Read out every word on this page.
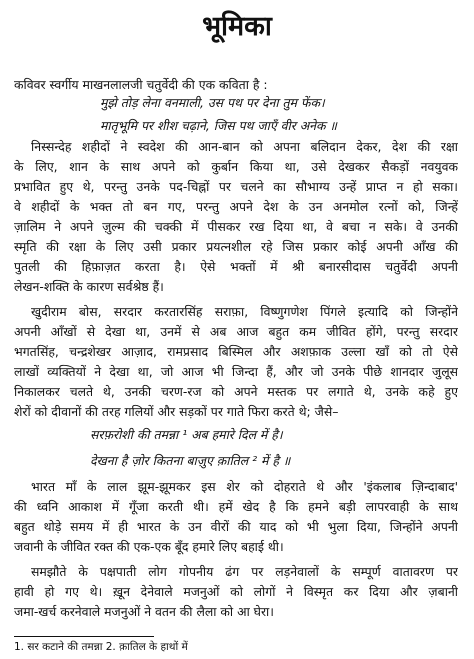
भूमिका
कविवर स्वर्गीय माखनलालजी चतुर्वेदी की एक कविता है :
मुझे तोड़ लेना वनमाली, उस पथ पर देना तुम फेंक।
मातृभूमि पर शीश चढ़ाने, जिस पथ जाएँ वीर अनेक ॥
निस्सन्देह शहीदों ने स्वदेश की आन-बान को अपना बलिदान देकर, देश की रक्षा
के लिए, शान के साथ अपने को कुर्बान किया था, उसे देखकर सैकड़ों नवयुवक
प्रभावित हुए थे, परन्तु उनके पद-चिह्नों पर चलने का सौभाग्य उन्हें प्राप्त न हो सका।
वे शहीदों के भक्त तो बन गए, परन्तु अपने देश के उन अनमोल रत्नों को, जिन्हें
ज़ालिम ने अपने ज़ुल्म की चक्की में पीसकर रख दिया था, वे बचा न सके। वे उनकी
स्मृति की रक्षा के लिए उसी प्रकार प्रयत्नशील रहे जिस प्रकार कोई अपनी आँख की
पुतली की हिफ़ाज़त करता है। ऐसे भक्तों में श्री बनारसीदास चतुर्वेदी अपनी
लेखन-शक्ति के कारण सर्वश्रेष्ठ हैं।
खुदीराम बोस, सरदार करतारसिंह सराफ़ा, विष्णुगणेश पिंगले इत्यादि को जिन्होंने
अपनी आँखों से देखा था, उनमें से अब आज बहुत कम जीवित होंगे, परन्तु सरदार
भगतसिंह, चन्द्रशेखर आज़ाद, रामप्रसाद बिस्मिल और अशफ़ाक उल्ला खाँ को तो ऐसे
लाखों व्यक्तियों ने देखा था, जो आज भी जिन्दा हैं, और जो उनके पीछे शानदार जुलूस
निकालकर चलते थे, उनकी चरण-रज को अपने मस्तक पर लगाते थे, उनके कहे हुए
शेरों को दीवानों की तरह गलियों और सड़कों पर गाते फिरा करते थे; जैसे–
सरफ़रोशी की तमन्ना ¹ अब हमारे दिल में है।
देखना है ज़ोर कितना बाज़ुए क़ातिल ² में है ॥
भारत माँ के लाल झूम-झूमकर इस शेर को दोहराते थे और 'इंकलाब ज़िन्दाबाद'
की ध्वनि आकाश में गूँजा करती थी। हमें खेद है कि हमने बड़ी लापरवाही के साथ
बहुत थोड़े समय में ही भारत के उन वीरों की याद को भी भुला दिया, जिन्होंने अपनी
जवानी के जीवित रक्त की एक-एक बूँद हमारे लिए बहाई थी।
समझौते के पक्षपाती लोग गोपनीय ढंग पर लड़नेवालों के सम्पूर्ण वातावरण पर
हावी हो गए थे। ख़ून देनेवाले मजनुओं को लोगों ने विस्मृत कर दिया और ज़बानी
जमा-खर्च करनेवाले मजनुओं ने वतन की लैला को आ घेरा।
1. सर कटाने की तमन्ना 2. क़ातिल के हाथों में
